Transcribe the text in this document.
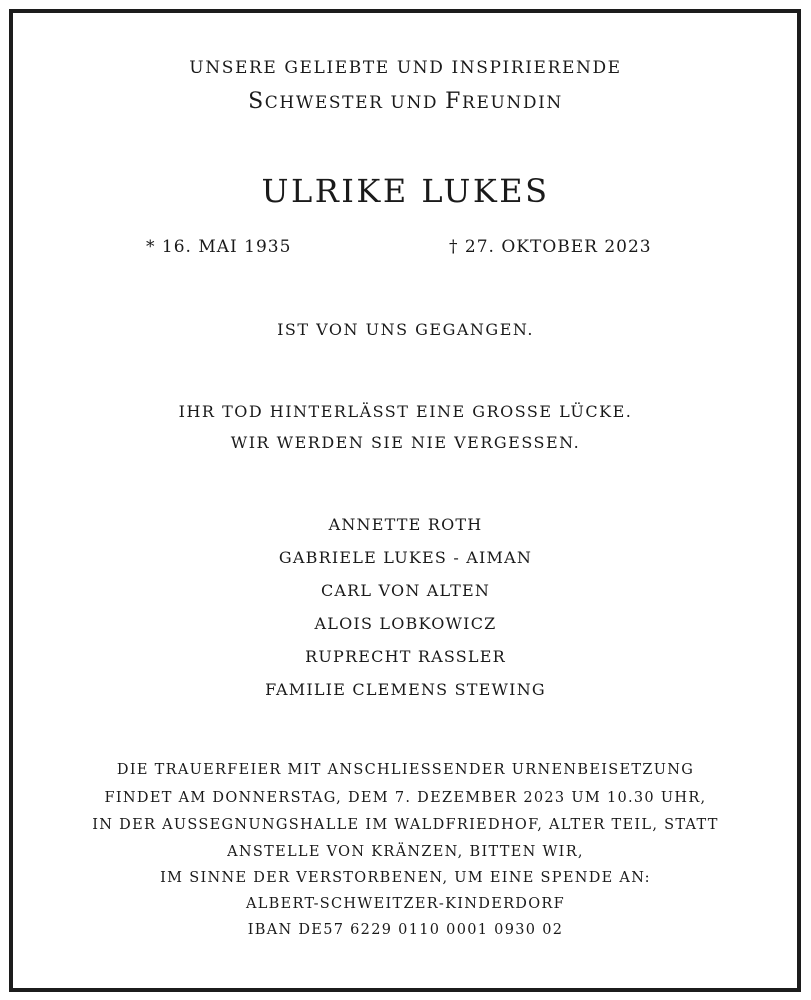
UNSERE GELIEBTE UND INSPIRIERENDE
SCHWESTER UND FREUNDIN
ULRIKE LUKES
* 16. MAI 1935	† 27. OKTOBER 2023
IST VON UNS GEGANGEN.
IHR TOD HINTERLÄSST EINE GROSSE LÜCKE.
WIR WERDEN SIE NIE VERGESSEN.
ANNETTE ROTH
GABRIELE LUKES - AIMAN
CARL VON ALTEN
ALOIS LOBKOWICZ
RUPRECHT RASSLER
FAMILIE CLEMENS STEWING
DIE TRAUERFEIER MIT ANSCHLIESSENDER URNENBEISETZUNG
FINDET AM DONNERSTAG, DEM 7. DEZEMBER 2023 UM 10.30 UHR,
IN DER AUSSEGNUNGSHALLE IM WALDFRIEDHOF, ALTER TEIL, STATT
ANSTELLE VON KRÄNZEN, BITTEN WIR,
IM SINNE DER VERSTORBENEN, UM EINE SPENDE AN:
ALBERT-SCHWEITZER-KINDERDORF
IBAN DE57 6229 0110 0001 0930 02
